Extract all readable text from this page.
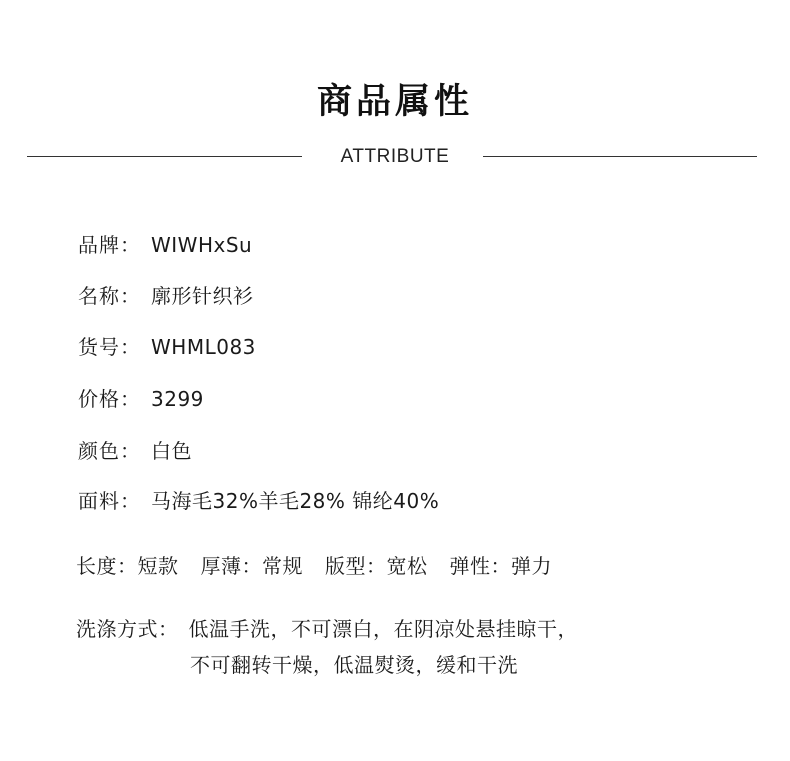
商品属性
ATTRIBUTE
品牌： WIWHxSu
名称： 廓形针织衫
货号： WHML083
价格： 3299
颜色： 白色
面料： 马海毛32%羊毛28% 锦纶40%
长度：短款 厚薄：常规 版型：宽松 弹性：弹力
洗涤方式： 低温手洗，不可漂白，在阴凉处悬挂晾干，
不可翻转干燥，低温熨烫，缓和干洗
